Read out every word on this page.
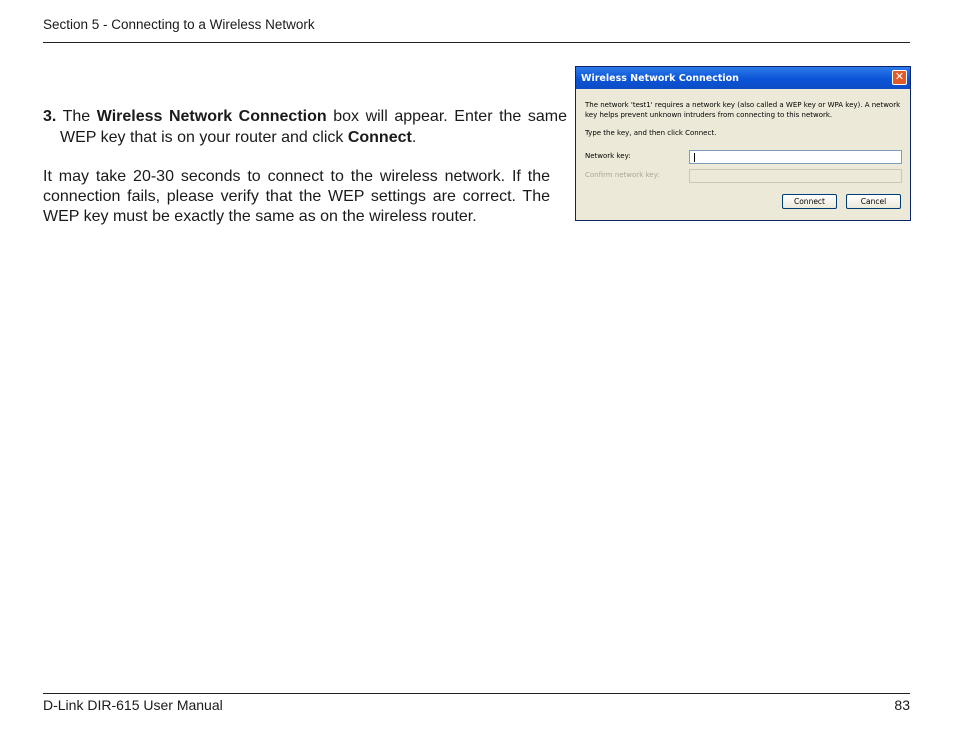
Section 5 - Connecting to a Wireless Network

3. The Wireless Network Connection box will appear. Enter the same WEP key that is on your router and click Connect.

It may take 20-30 seconds to connect to the wireless network. If the connection fails, please verify that the WEP settings are correct. The WEP key must be exactly the same as on the wireless router.

Wireless Network Connection	✕
The network 'test1' requires a network key (also called a WEP key or WPA key). A network key helps prevent unknown intruders from connecting to this network.
Type the key, and then click Connect.
Network key:
Confirm network key:
Connect	Cancel
D-Link DIR-615 User Manual	83
